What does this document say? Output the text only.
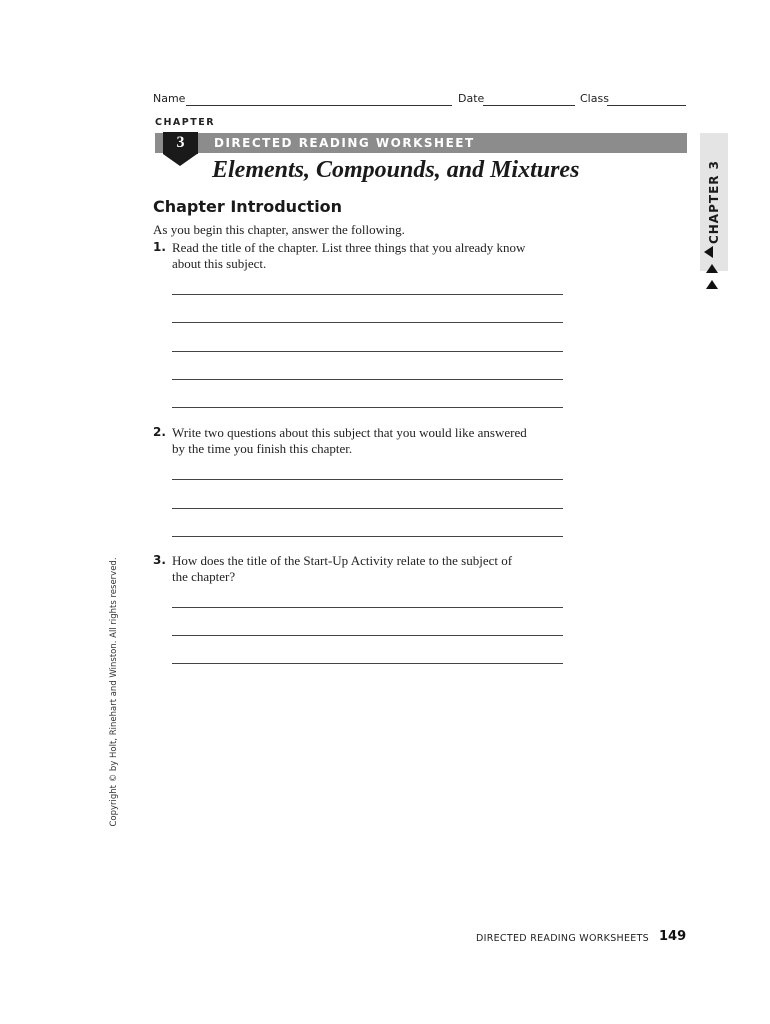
Name	Date	Class
CHAPTER
3	DIRECTED READING WORKSHEET
Elements, Compounds, and Mixtures	CHAPTER 3
Chapter Introduction
As you begin this chapter, answer the following.
1. Read the title of the chapter. List three things that you already know
about this subject.
2. Write two questions about this subject that you would like answered
by the time you finish this chapter.
3. How does the title of the Start-Up Activity relate to the subject of
the chapter?
Copyright © by Holt, Rinehart and Winston. All rights reserved.
DIRECTED READING WORKSHEETS 149
